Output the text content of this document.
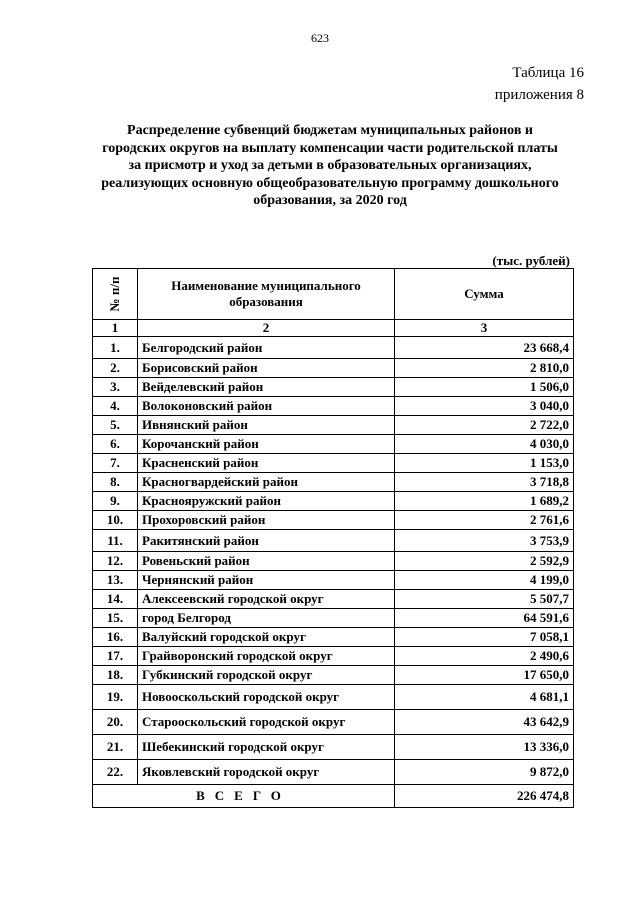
623
Таблица 16
приложения 8
Распределение субвенций бюджетам муниципальных районов и городских округов на выплату компенсации части родительской платы за присмотр и уход за детьми в образовательных организациях, реализующих основную общеобразовательную программу дошкольного образования, за 2020 год
(тыс. рублей)
№ п/п	Наименование муниципального образования	Сумма
1	2	3
1.	Белгородский район	23 668,4
2.	Борисовский район	2 810,0
3.	Вейделевский район	1 506,0
4.	Волоконовский район	3 040,0
5.	Ивнянский район	2 722,0
6.	Корочанский район	4 030,0
7.	Красненский район	1 153,0
8.	Красногвардейский район	3 718,8
9.	Краснояружский район	1 689,2
10.	Прохоровский район	2 761,6
11.	Ракитянский район	3 753,9
12.	Ровеньский район	2 592,9
13.	Чернянский район	4 199,0
14.	Алексеевский городской округ	5 507,7
15.	город Белгород	64 591,6
16.	Валуйский городской округ	7 058,1
17.	Грайворонский городской округ	2 490,6
18.	Губкинский городской округ	17 650,0
19.	Новооскольский городской округ	4 681,1
20.	Старооскольский городской округ	43 642,9
21.	Шебекинский городской округ	13 336,0
22.	Яковлевский городской округ	9 872,0
ВСЕГО		226 474,8
